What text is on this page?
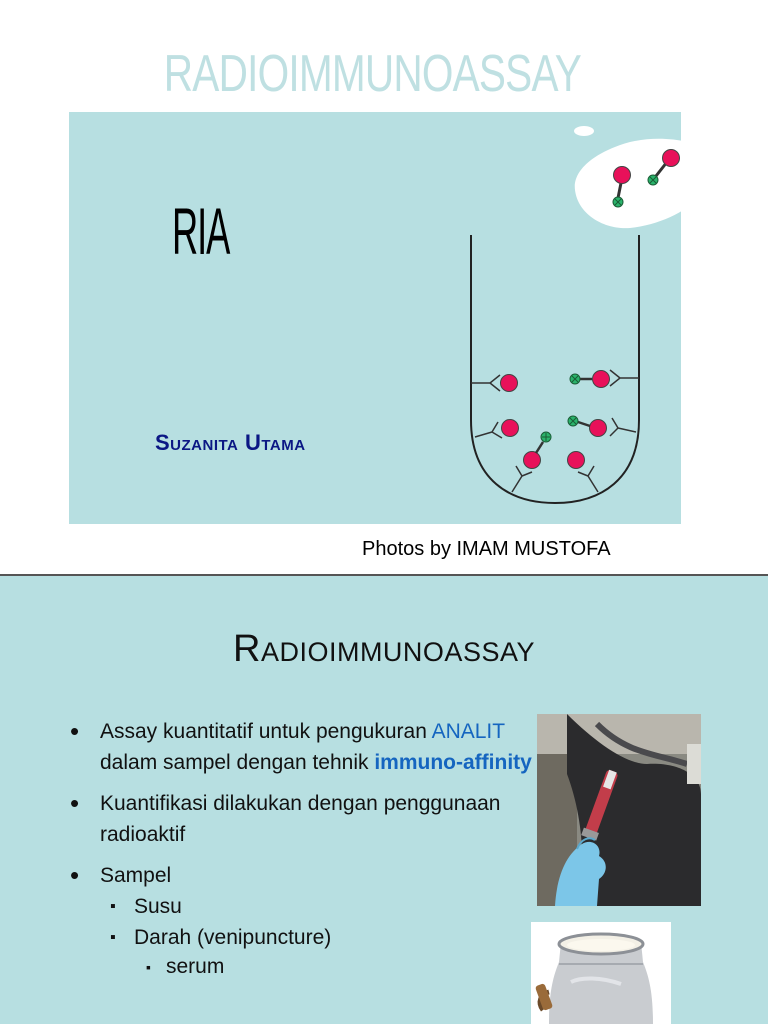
RADIOIMMUNOASSAY
RIA
Suzanita Utama
Photos by IMAM MUSTOFA
Radioimmunoassay
• Assay kuantitatif untuk pengukuran ANALIT dalam sampel dengan tehnik immuno-affinity
• Kuantifikasi dilakukan dengan penggunaan radioaktif
• Sampel
▪ Susu
▪ Darah (venipuncture)
▪ serum
